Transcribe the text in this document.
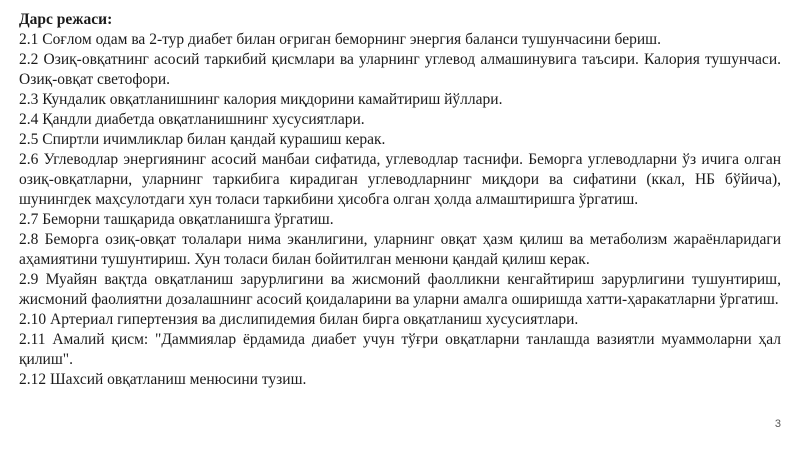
Дарс режаси:

2.1 Соғлом одам ва 2-тур диабет билан оғриган беморнинг энергия баланси тушунчасини бериш.

2.2 Озиқ-овқатнинг асосий таркибий қисмлари ва уларнинг углевод алмашинувига таъсири. Калория тушунчаси. Озиқ-овқат светофори.

2.3 Кундалик овқатланишнинг калория миқдорини камайтириш йўллари.

2.4 Қандли диабетда овқатланишнинг хусусиятлари.

2.5 Спиртли ичимликлар билан қандай курашиш керак.

2.6 Углеводлар энергиянинг асосий манбаи сифатида, углеводлар таснифи. Беморга углеводларни ўз ичига олган озиқ-овқатларни, уларнинг таркибига кирадиган углеводларнинг миқдори ва сифатини (ккал, НБ бўйича), шунингдек маҳсулотдаги хун толаси таркибини ҳисобга олган ҳолда алмаштиришга ўргатиш.

2.7 Беморни ташқарида овқатланишга ўргатиш.

2.8 Беморга озиқ-овқат толалари нима эканлигини, уларнинг овқат ҳазм қилиш ва метаболизм жараёнларидаги аҳамиятини тушунтириш. Хун толаси билан бойитилган менюни қандай қилиш керак.

2.9 Муайян вақтда овқатланиш зарурлигини ва жисмоний фаолликни кенгайтириш зарурлигини тушунтириш, жисмоний фаолиятни дозалашнинг асосий қоидаларини ва уларни амалга оширишда хатти-ҳаракатларни ўргатиш.

2.10 Артериал гипертензия ва дислипидемия билан бирга овқатланиш хусусиятлари.

2.11 Амалий қисм: "Даммиялар ёрдамида диабет учун тўғри овқатларни танлашда вазиятли муаммоларни ҳал қилиш".

2.12 Шахсий овқатланиш менюсини тузиш.

3
